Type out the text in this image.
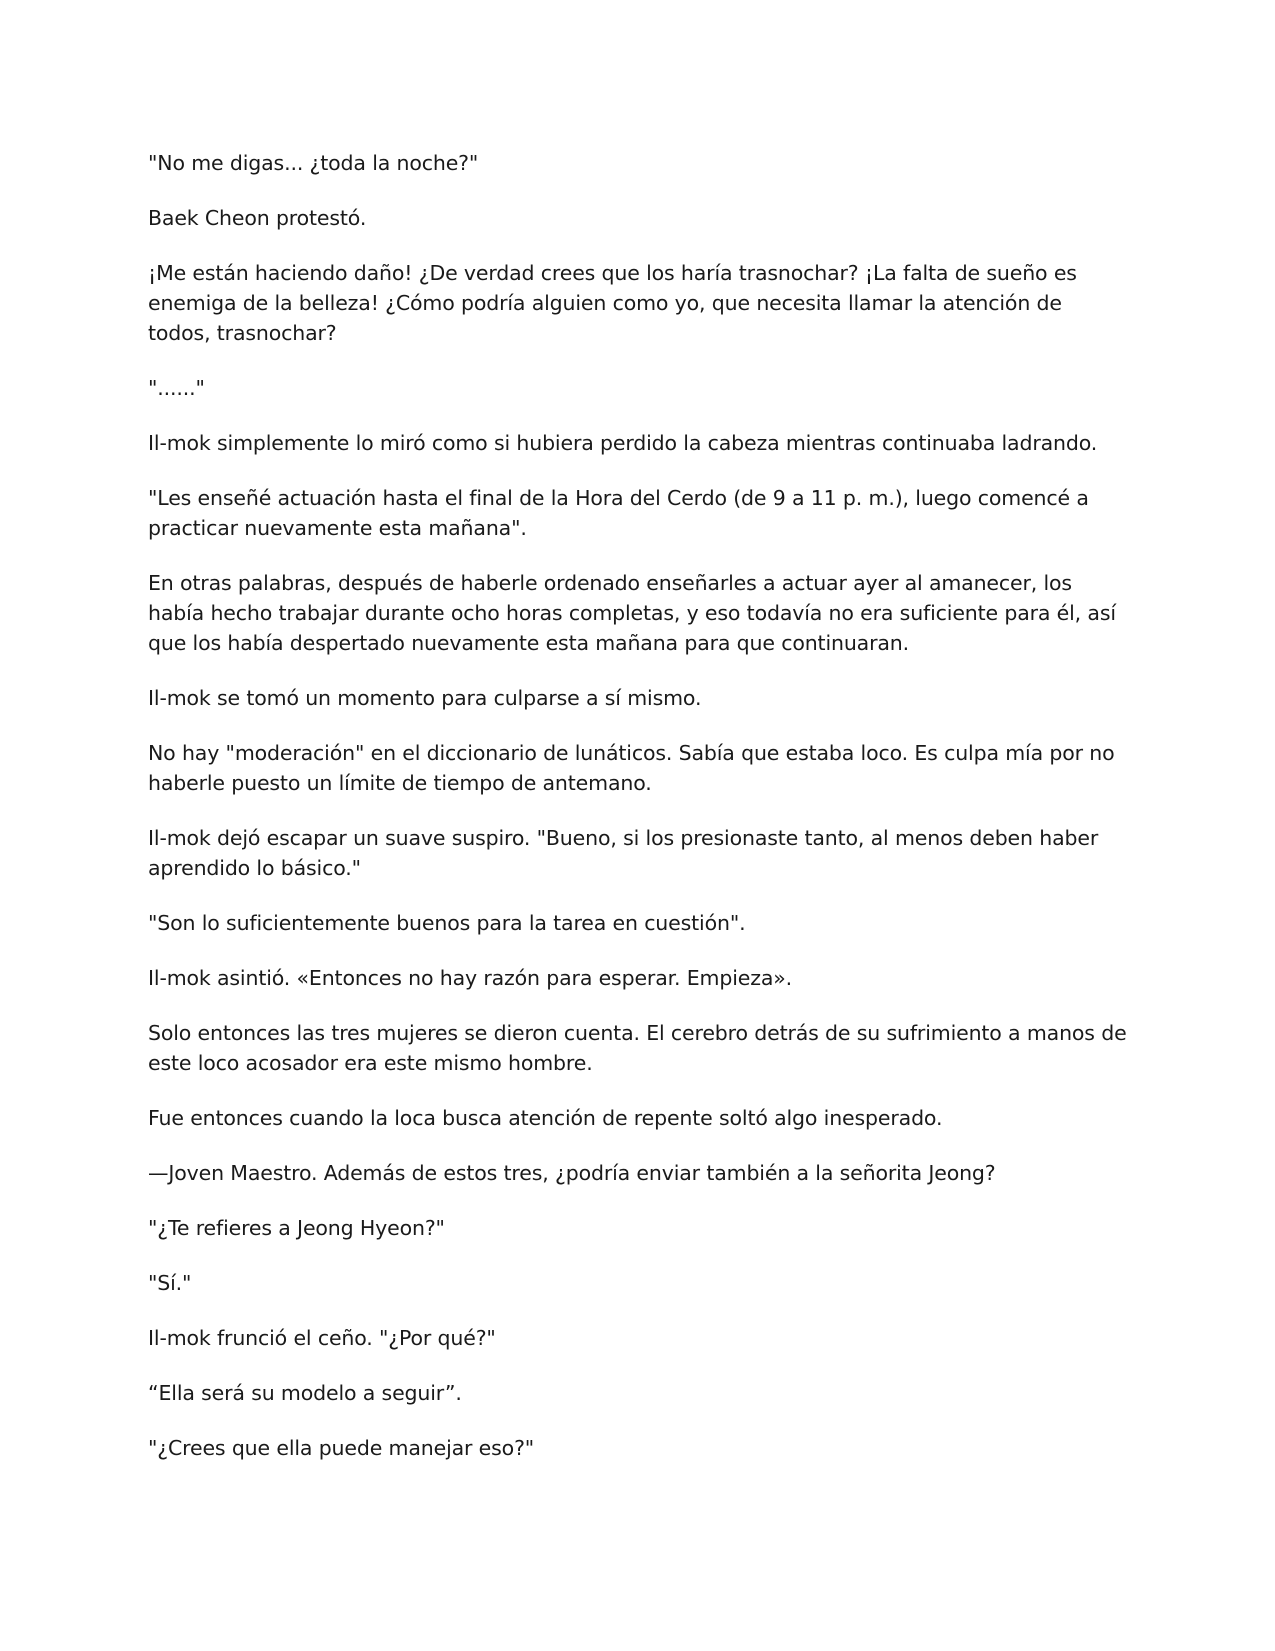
"No me digas... ¿toda la noche?"

Baek Cheon protestó.

¡Me están haciendo daño! ¿De verdad crees que los haría trasnochar? ¡La falta de sueño es enemiga de la belleza! ¿Cómo podría alguien como yo, que necesita llamar la atención de todos, trasnochar?

"......"

Il-mok simplemente lo miró como si hubiera perdido la cabeza mientras continuaba ladrando.

"Les enseñé actuación hasta el final de la Hora del Cerdo (de 9 a 11 p. m.), luego comencé a practicar nuevamente esta mañana".

En otras palabras, después de haberle ordenado enseñarles a actuar ayer al amanecer, los había hecho trabajar durante ocho horas completas, y eso todavía no era suficiente para él, así que los había despertado nuevamente esta mañana para que continuaran.

Il-mok se tomó un momento para culparse a sí mismo.

No hay "moderación" en el diccionario de lunáticos. Sabía que estaba loco. Es culpa mía por no haberle puesto un límite de tiempo de antemano.

Il-mok dejó escapar un suave suspiro. "Bueno, si los presionaste tanto, al menos deben haber aprendido lo básico."

"Son lo suficientemente buenos para la tarea en cuestión".

Il-mok asintió. «Entonces no hay razón para esperar. Empieza».

Solo entonces las tres mujeres se dieron cuenta. El cerebro detrás de su sufrimiento a manos de este loco acosador era este mismo hombre.

Fue entonces cuando la loca busca atención de repente soltó algo inesperado.

—Joven Maestro. Además de estos tres, ¿podría enviar también a la señorita Jeong?

"¿Te refieres a Jeong Hyeon?"

"Sí."

Il-mok frunció el ceño. "¿Por qué?"

“Ella será su modelo a seguir”.

"¿Crees que ella puede manejar eso?"
